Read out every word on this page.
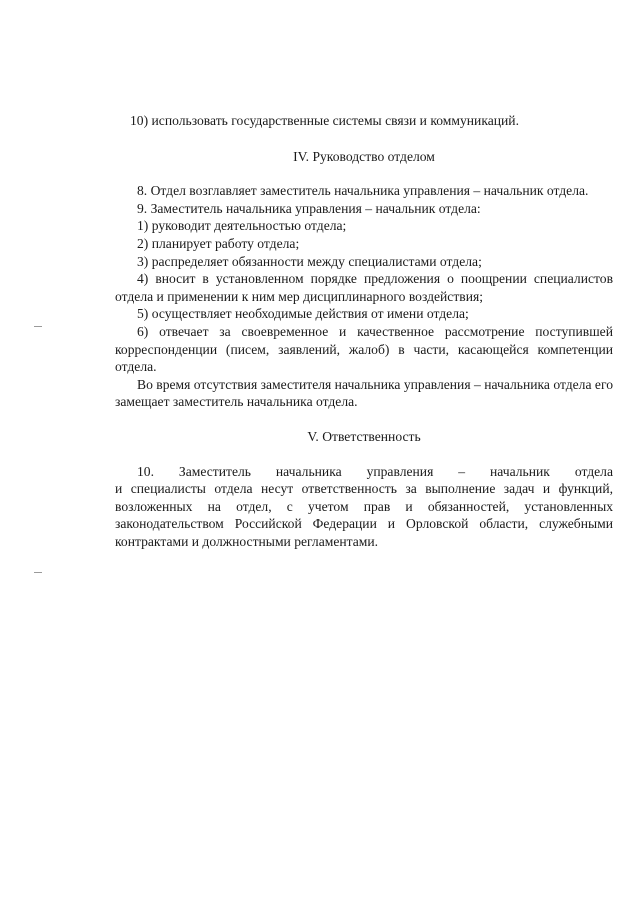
10) использовать государственные системы связи и коммуникаций.

IV. Руководство отделом

8. Отдел возглавляет заместитель начальника управления – начальник отдела.

9. Заместитель начальника управления – начальник отдела:

1) руководит деятельностью отдела;

2) планирует работу отдела;

3) распределяет обязанности между специалистами отдела;

4) вносит в установленном порядке предложения о поощрении специалистов отдела и применении к ним мер дисциплинарного воздействия;

5) осуществляет необходимые действия от имени отдела;

6) отвечает за своевременное и качественное рассмотрение поступившей корреспонденции (писем, заявлений, жалоб) в части, касающейся компетенции отдела.

Во время отсутствия заместителя начальника управления – начальника отдела его замещает заместитель начальника отдела.

V. Ответственность

10. Заместитель начальника управления – начальник отдела

и специалисты отдела несут ответственность за выполнение задач и функций, возложенных на отдел, с учетом прав и обязанностей, установленных законодательством Российской Федерации и Орловской области, служебными контрактами и должностными регламентами.
